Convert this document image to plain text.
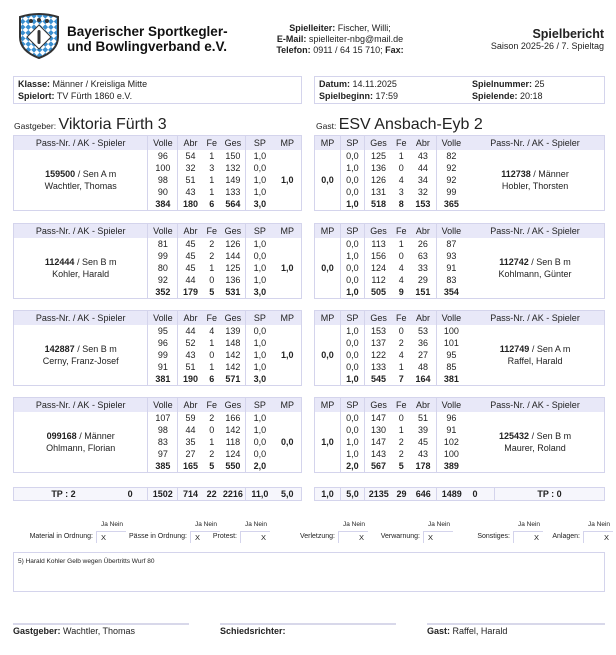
Bayerischer Sportkegler-
und Bowlingverband e.V.
Spielleiter: Fischer, Willi;
E-Mail: spielleiter-nbg@mail.de
Telefon: 0911 / 64 15 710; Fax:
Spielbericht
Saison 2025-26 / 7. Spieltag
Klasse: Männer / Kreisliga Mitte
Spielort: TV Fürth 1860 e.V.
Datum: 14.11.2025	Spielnummer: 25
Spielbeginn: 17:59	Spielende: 20:18
Gastgeber: Viktoria Fürth 3	Gast: ESV Ansbach-Eyb 2
Pass-Nr. / AK - Spieler	Volle	Abr	Fe	Ges	SP	MP

159500 / Sen A m
Wachtler, Thomas	96	54	1	150	1,0	1,0
	100	32	3	132	0,0	
	98	51	1	149	1,0	
	90	43	1	133	1,0	
	384	180	6	564	3,0	
Pass-Nr. / AK - Spieler	Volle	Abr	Fe	Ges	SP	MP

112444 / Sen B m
Kohler, Harald	81	45	2	126	1,0	1,0
	99	45	2	144	0,0	
	80	45	1	125	1,0	
	92	44	0	136	1,0	
	352	179	5	531	3,0	
Pass-Nr. / AK - Spieler	Volle	Abr	Fe	Ges	SP	MP

142887 / Sen B m
Cerny, Franz-Josef	95	44	4	139	0,0	1,0
	96	52	1	148	1,0	
	99	43	0	142	1,0	
	91	51	1	142	1,0	
	381	190	6	571	3,0	
Pass-Nr. / AK - Spieler	Volle	Abr	Fe	Ges	SP	MP

099168 / Männer
Ohlmann, Florian	107	59	2	166	1,0	0,0
	98	44	0	142	1,0	
	83	35	1	118	0,0	
	97	27	2	124	0,0	
	385	165	5	550	2,0	
MP	SP	Ges	Fe	Abr	Volle	Pass-Nr. / AK - Spieler
0,0	0,0	125	1	43	82	112738 / Männer
Hobler, Thorsten

	1,0	136	0	44	92	
	0,0	126	4	34	92	
	0,0	131	3	32	99	
	1,0	518	8	153	365	
MP	SP	Ges	Fe	Abr	Volle	Pass-Nr. / AK - Spieler
0,0	0,0	113	1	26	87	112742 / Sen B m
Kohlmann, Günter

	1,0	156	0	63	93	
	0,0	124	4	33	91	
	0,0	112	4	29	83	
	1,0	505	9	151	354	
MP	SP	Ges	Fe	Abr	Volle	Pass-Nr. / AK - Spieler
0,0	1,0	153	0	53	100	112749 / Sen A m
Raffel, Harald

	0,0	137	2	36	101	
	0,0	122	4	27	95	
	0,0	133	1	48	85	
	1,0	545	7	164	381	
MP	SP	Ges	Fe	Abr	Volle	Pass-Nr. / AK - Spieler
1,0	0,0	147	0	51	96	125432 / Sen B m
Maurer, Roland

	0,0	130	1	39	91	
	1,0	147	2	45	102	
	1,0	143	2	43	100	
	2,0	567	5	178	389	
TP : 2	0	1502	714	22	2216	11,0	5,0	1,0	5,0	2135	29	646	1489	0	TP : 0
Material in Ordnung:
Ja Nein
X	Pässe in Ordnung:
Ja Nein
X Protest:
Ja Nein
X	Verletzung:
Ja Nein
X Verwarnung:
Ja Nein
X	Sonstiges:
Ja Nein
X Anlagen:
Ja Nein
X
5) Harald Kohler Gelb wegen Übertritts Wurf 80
Gastgeber: Wachtler, Thomas	Schiedsrichter:	Gast: Raffel, Harald
